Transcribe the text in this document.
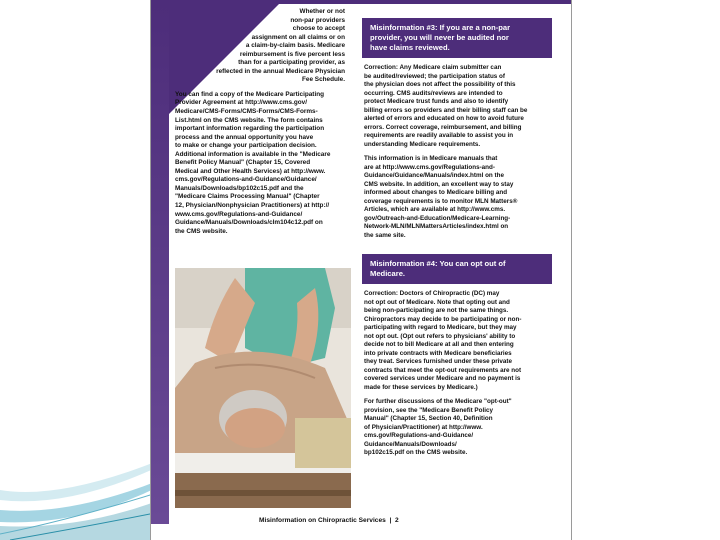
Whether or not
non-par providers
choose to accept
assignment on all claims or on
a claim-by-claim basis. Medicare
reimbursement is five percent less
than for a participating provider, as
reflected in the annual Medicare Physician
Fee Schedule.

You can find a copy of the Medicare Participating
Provider Agreement at http://www.cms.gov/
Medicare/CMS-Forms/CMS-Forms/CMS-Forms-
List.html on the CMS website. The form contains
important information regarding the participation
process and the annual opportunity you have
to make or change your participation decision.
Additional information is available in the "Medicare
Benefit Policy Manual" (Chapter 15, Covered
Medical and Other Health Services) at http://www.
cms.gov/Regulations-and-Guidance/Guidance/
Manuals/Downloads/bp102c15.pdf and the
"Medicare Claims Processing Manual" (Chapter
12, Physician/Nonphysician Practitioners) at http://
www.cms.gov/Regulations-and-Guidance/
Guidance/Manuals/Downloads/clm104c12.pdf on
the CMS website.

Misinformation #3: If you are a non-par
provider, you will never be audited nor
have claims reviewed.

Correction: Any Medicare claim submitter can
be audited/reviewed; the participation status of
the physician does not affect the possibility of this
occurring. CMS audits/reviews are intended to
protect Medicare trust funds and also to identify
billing errors so providers and their billing staff can be
alerted of errors and educated on how to avoid future
errors. Correct coverage, reimbursement, and billing
requirements are readily available to assist you in
understanding Medicare requirements.

This information is in Medicare manuals that
are at http://www.cms.gov/Regulations-and-
Guidance/Guidance/Manuals/index.html on the
CMS website. In addition, an excellent way to stay
informed about changes to Medicare billing and
coverage requirements is to monitor MLN Matters®
Articles, which are available at http://www.cms.
gov/Outreach-and-Education/Medicare-Learning-
Network-MLN/MLNMattersArticles/index.html on
the same site.

Misinformation #4: You can opt out of
Medicare.

Correction: Doctors of Chiropractic (DC) may
not opt out of Medicare. Note that opting out and
being non-participating are not the same things.
Chiropractors may decide to be participating or non-
participating with regard to Medicare, but they may
not opt out. (Opt out refers to physicians' ability to
decide not to bill Medicare at all and then entering
into private contracts with Medicare beneficiaries
they treat. Services furnished under these private
contracts that meet the opt-out requirements are not
covered services under Medicare and no payment is
made for these services by Medicare.)

For further discussions of the Medicare "opt-out"
provision, see the "Medicare Benefit Policy
Manual" (Chapter 15, Section 40, Definition
of Physician/Practitioner) at http://www.
cms.gov/Regulations-and-Guidance/
Guidance/Manuals/Downloads/
bp102c15.pdf on the CMS website.

Misinformation on Chiropractic Services  |  2
